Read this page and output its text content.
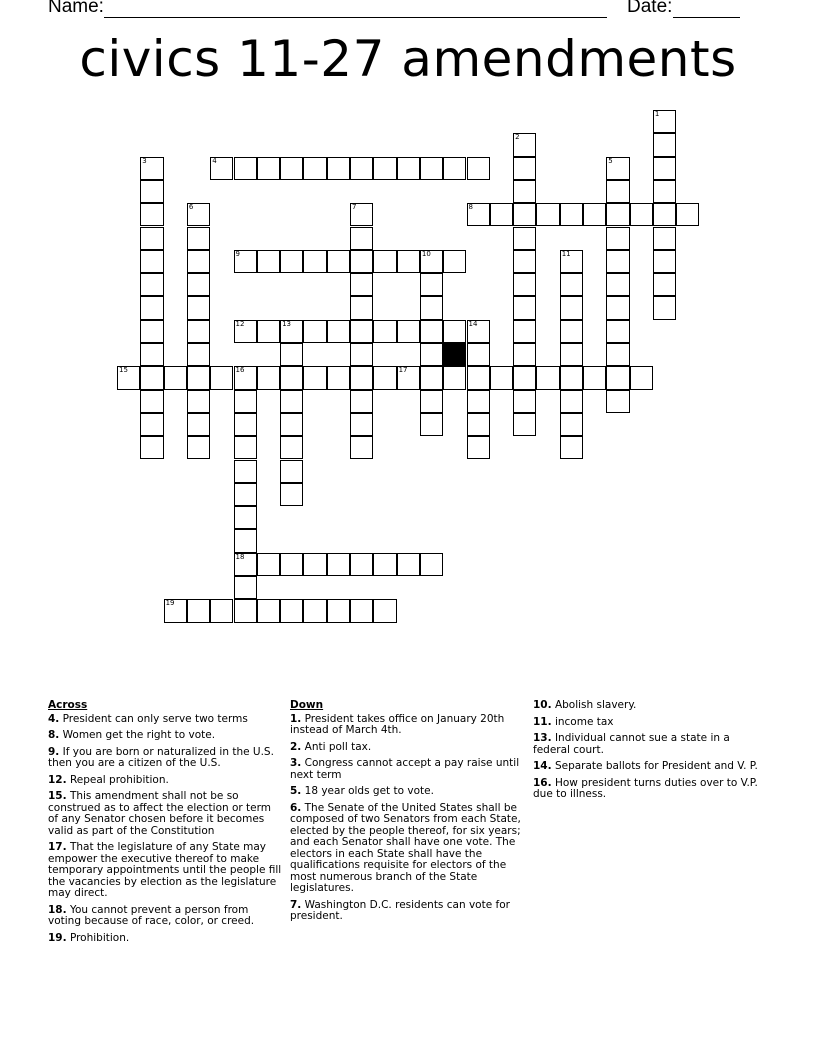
Name:	Date:
civics 11-27 amendments
1
2
3	4	5
6	7	8
9	10	11
12	13	14
15	16
18
17
19
Across
4. President can only serve two terms
8. Women get the right to vote.
9. If you are born or naturalized in the U.S. then you are a citizen of the U.S.
12. Repeal prohibition.
15. This amendment shall not be so construed as to affect the election or term of any Senator chosen before it becomes valid as part of the Constitution
17. That the legislature of any State may empower the executive thereof to make temporary appointments until the people fill the vacancies by election as the legislature may direct.
18. You cannot prevent a person from voting because of race, color, or creed.
19. Prohibition.
Down
1. President takes office on January 20th instead of March 4th.
2. Anti poll tax.
3. Congress cannot accept a pay raise until next term
5. 18 year olds get to vote.
6. The Senate of the United States shall be composed of two Senators from each State, elected by the people thereof, for six years; and each Senator shall have one vote. The electors in each State shall have the qualifications requisite for electors of the most numerous branch of the State legislatures.
7. Washington D.C. residents can vote for president.
10. Abolish slavery.
11. income tax
13. Individual cannot sue a state in a federal court.
14. Separate ballots for President and V. P.
16. How president turns duties over to V.P. due to illness.
